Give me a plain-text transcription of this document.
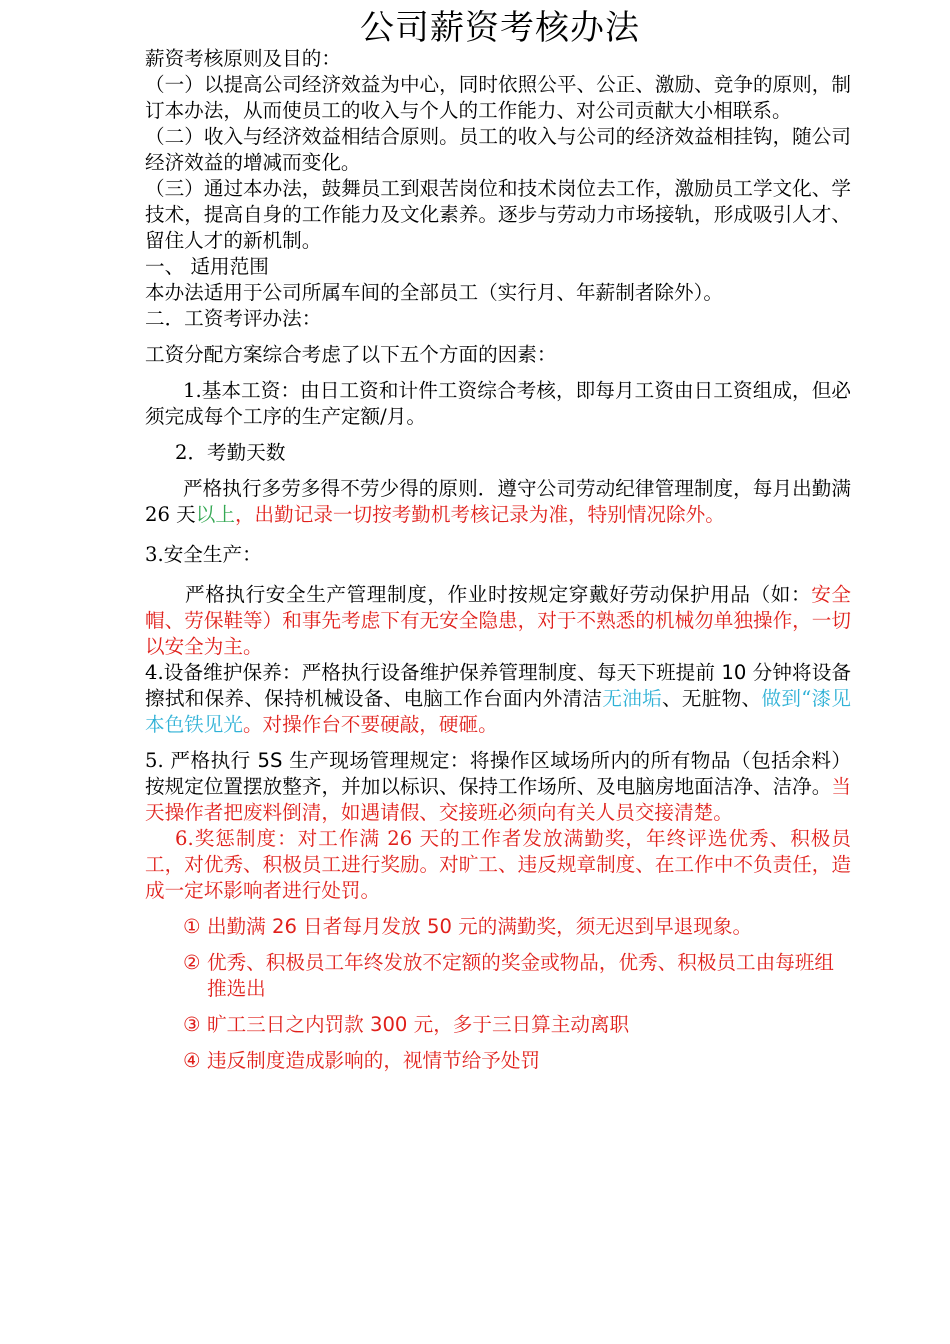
公司薪资考核办法

薪资考核原则及目的：

（一）以提高公司经济效益为中心，同时依照公平、公正、激励、竞争的原则，制订本办法，从而使员工的收入与个人的工作能力、对公司贡献大小相联系。

（二）收入与经济效益相结合原则。员工的收入与公司的经济效益相挂钩，随公司经济效益的增减而变化。

（三）通过本办法，鼓舞员工到艰苦岗位和技术岗位去工作，激励员工学文化、学技术，提高自身的工作能力及文化素养。逐步与劳动力市场接轨，形成吸引人才、留住人才的新机制。

一、 适用范围

本办法适用于公司所属车间的全部员工（实行月、年薪制者除外）。

二．工资考评办法：

工资分配方案综合考虑了以下五个方面的因素：

1.基本工资：由日工资和计件工资综合考核，即每月工资由日工资组成，但必须完成每个工序的生产定额/月。

2．考勤天数

严格执行多劳多得不劳少得的原则．遵守公司劳动纪律管理制度，每月出勤满 26 天以上，出勤记录一切按考勤机考核记录为准，特别情况除外。

3.安全生产：

严格执行安全生产管理制度，作业时按规定穿戴好劳动保护用品（如：安全帽、劳保鞋等）和事先考虑下有无安全隐患，对于不熟悉的机械勿单独操作，一切以安全为主。

4.设备维护保养：严格执行设备维护保养管理制度、每天下班提前 10 分钟将设备擦拭和保养、保持机械设备、电脑工作台面内外清洁无油垢、无脏物、做到“漆见本色铁见光。对操作台不要硬敲，硬砸。

5. 严格执行 5S 生产现场管理规定：将操作区域场所内的所有物品（包括余料）按规定位置摆放整齐，并加以标识、保持工作场所、及电脑房地面洁净、洁净。当天操作者把废料倒清，如遇请假、交接班必须向有关人员交接清楚。

6.奖惩制度：对工作满 26 天的工作者发放满勤奖，年终评选优秀、积极员工，对优秀、积极员工进行奖励。对旷工、违反规章制度、在工作中不负责任，造成一定坏影响者进行处罚。

① 出勤满 26 日者每月发放 50 元的满勤奖，须无迟到早退现象。
② 优秀、积极员工年终发放不定额的奖金或物品，优秀、积极员工由每班组推选出
③ 旷工三日之内罚款 300 元，多于三日算主动离职
④ 违反制度造成影响的，视情节给予处罚
